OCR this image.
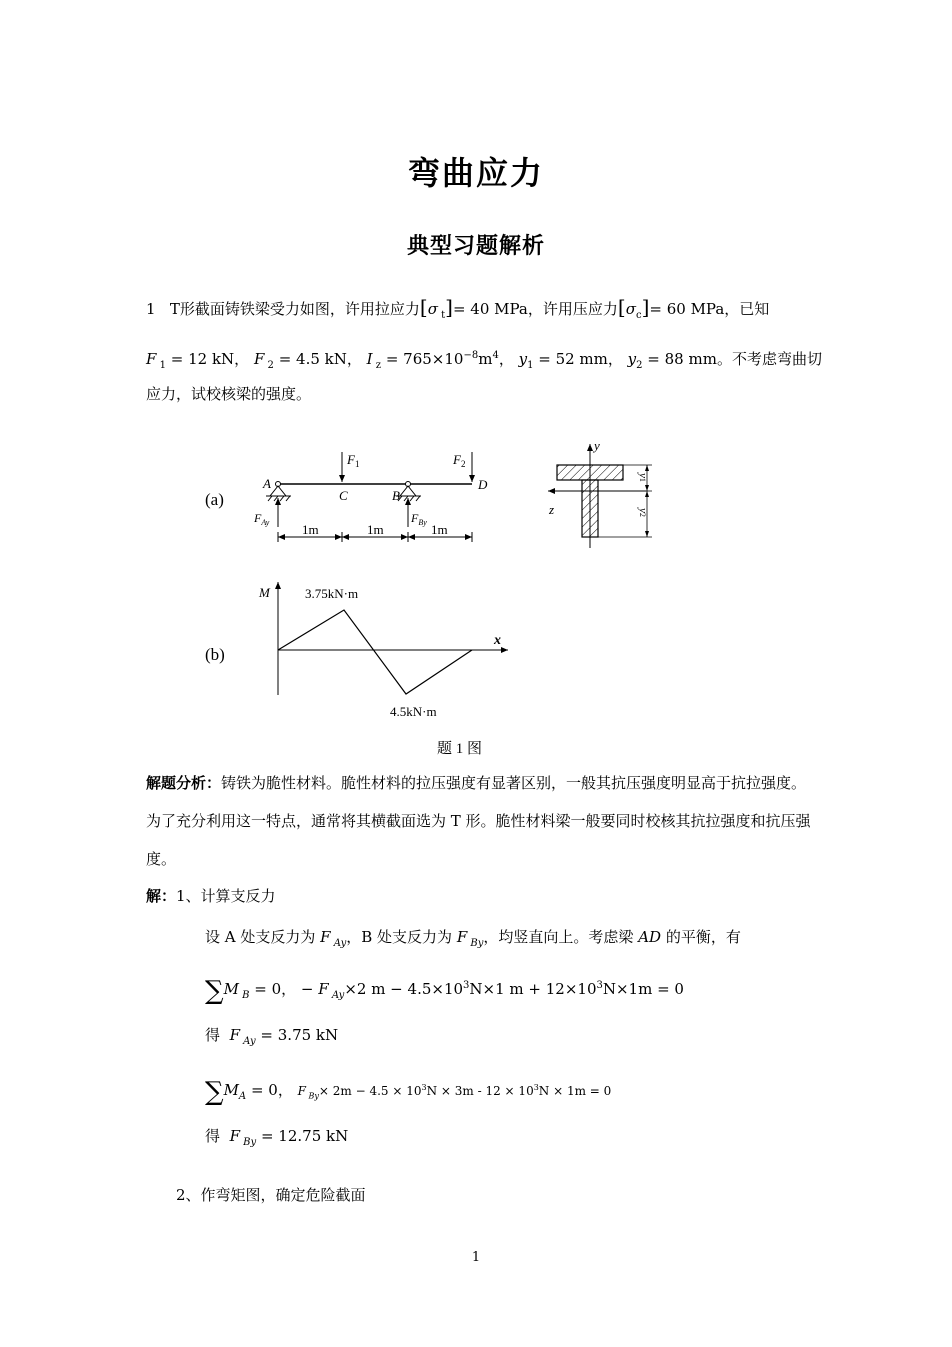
弯曲应力
典型习题解析
1 T形截面铸铁梁受力如图，许用拉应力[σ $_t$]= 40 MPa，许用压应力$[\sigma_c]= 60$ MPa，已知
F $_1$ = 12 kN， F $_2$ = 4.5 kN， I $_z = 765\times 10^{-8}m^4$， $y_1 = 52$ mm， $y_2 = 88$ mm。不考虑弯曲切
应力，试校核梁的强度。
(a)
A
C	B
D
$F_1$	$F_2$
$F_{Ay}$	$F_{By}$
1m	1m	1m
y
z
y1
y2
(b)
M
x
3.75kN·m
4.5kN·m
题 1 图
解题分析：铸铁为脆性材料。脆性材料的拉压强度有显著区别，一般其抗压强度明显高于抗拉强度。为了充分利用这一特点，通常将其横截面选为 T 形。脆性材料梁一般要同时校核其抗拉强度和抗压强度。
解：1、计算支反力
设 A 处支反力为 F $_{Ay}$，B 处支反力为 F $_{By}$，均竖直向上。考虑梁 AD 的平衡，有
∑M $_B$ = 0， − F $_{Ay}$×2 $m - 4.5\times 10^3N\times 1$ $m + 12\times 10^3N\times 1m = 0$
得 F $_{Ay}$ = 3.75 kN
$\sum M_A = 0$， F $_{By}\times 2m - 4.5 \times 10^3N \times 3m - 12 \times 10^3N \times 1m = 0$
得 F $_{By}$ = 12.75 kN
2、作弯矩图，确定危险截面
1
